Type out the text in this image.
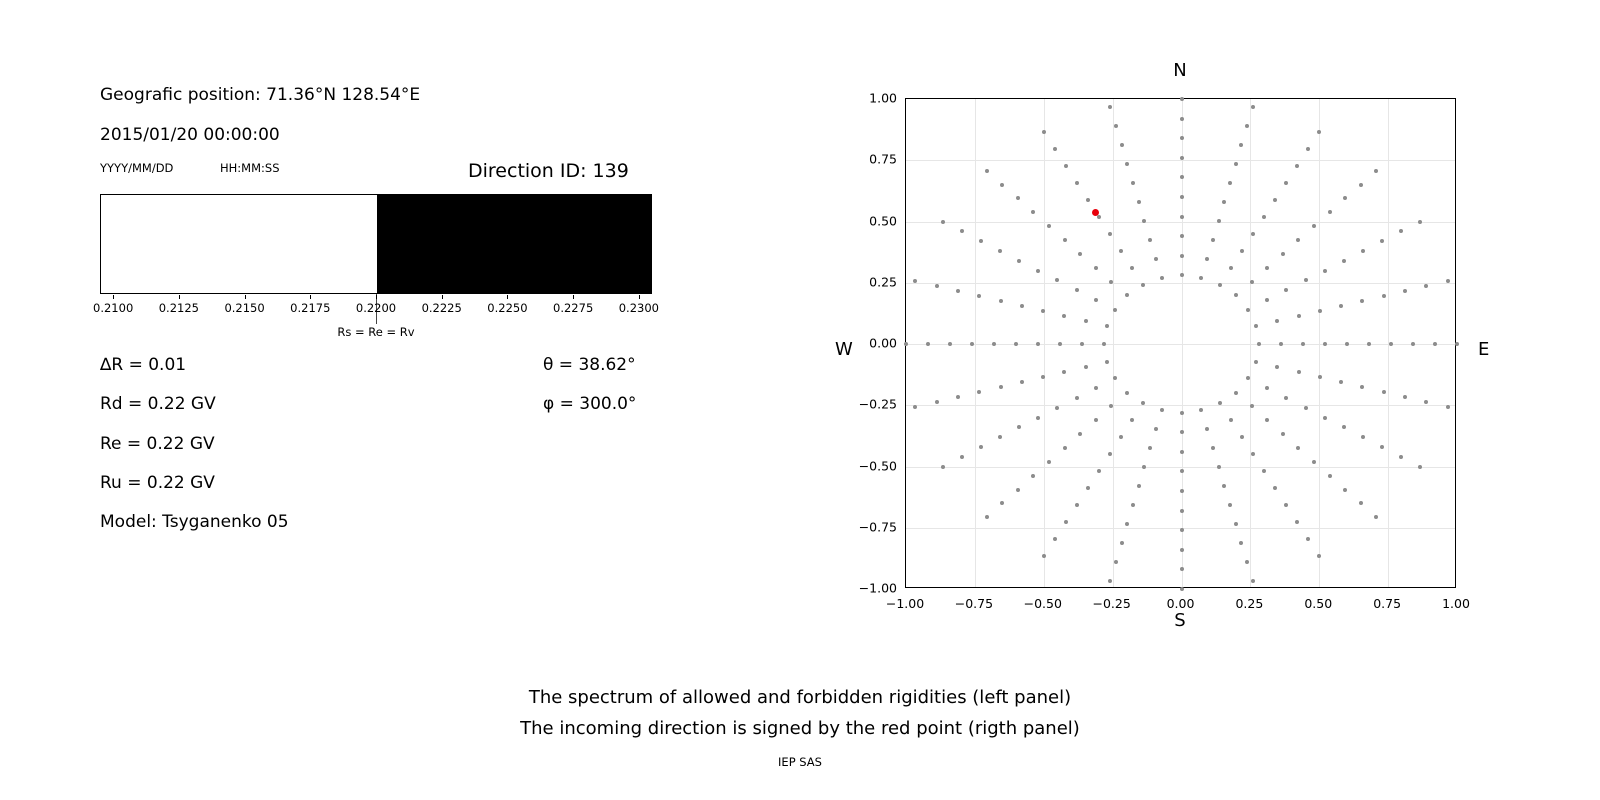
Geografic position: 71.36°N 128.54°E
2015/01/20 00:00:00
YYYY/MM/DD	HH:MM:SS	Direction ID: 139
Rs = Re = Rv
0.2100 0.2125 0.2150 0.2175 0.2200 0.2225 0.2250 0.2275 0.2300
∆R = 0.01
Rd = 0.22 GV
Re = 0.22 GV
Ru = 0.22 GV
Model: Tsyganenko 05
θ = 38.62°
φ = 300.0°
N
S
W	E
−1.00
−0.75
−0.50
−0.25
0.00
0.25
0.50
0.75
1.00
−1.00 −0.75 −0.50 −0.25	0.00	0.25	0.50	0.75	1.00
The spectrum of allowed and forbidden rigidities (left panel)
The incoming direction is signed by the red point (rigth panel)
IEP SAS
